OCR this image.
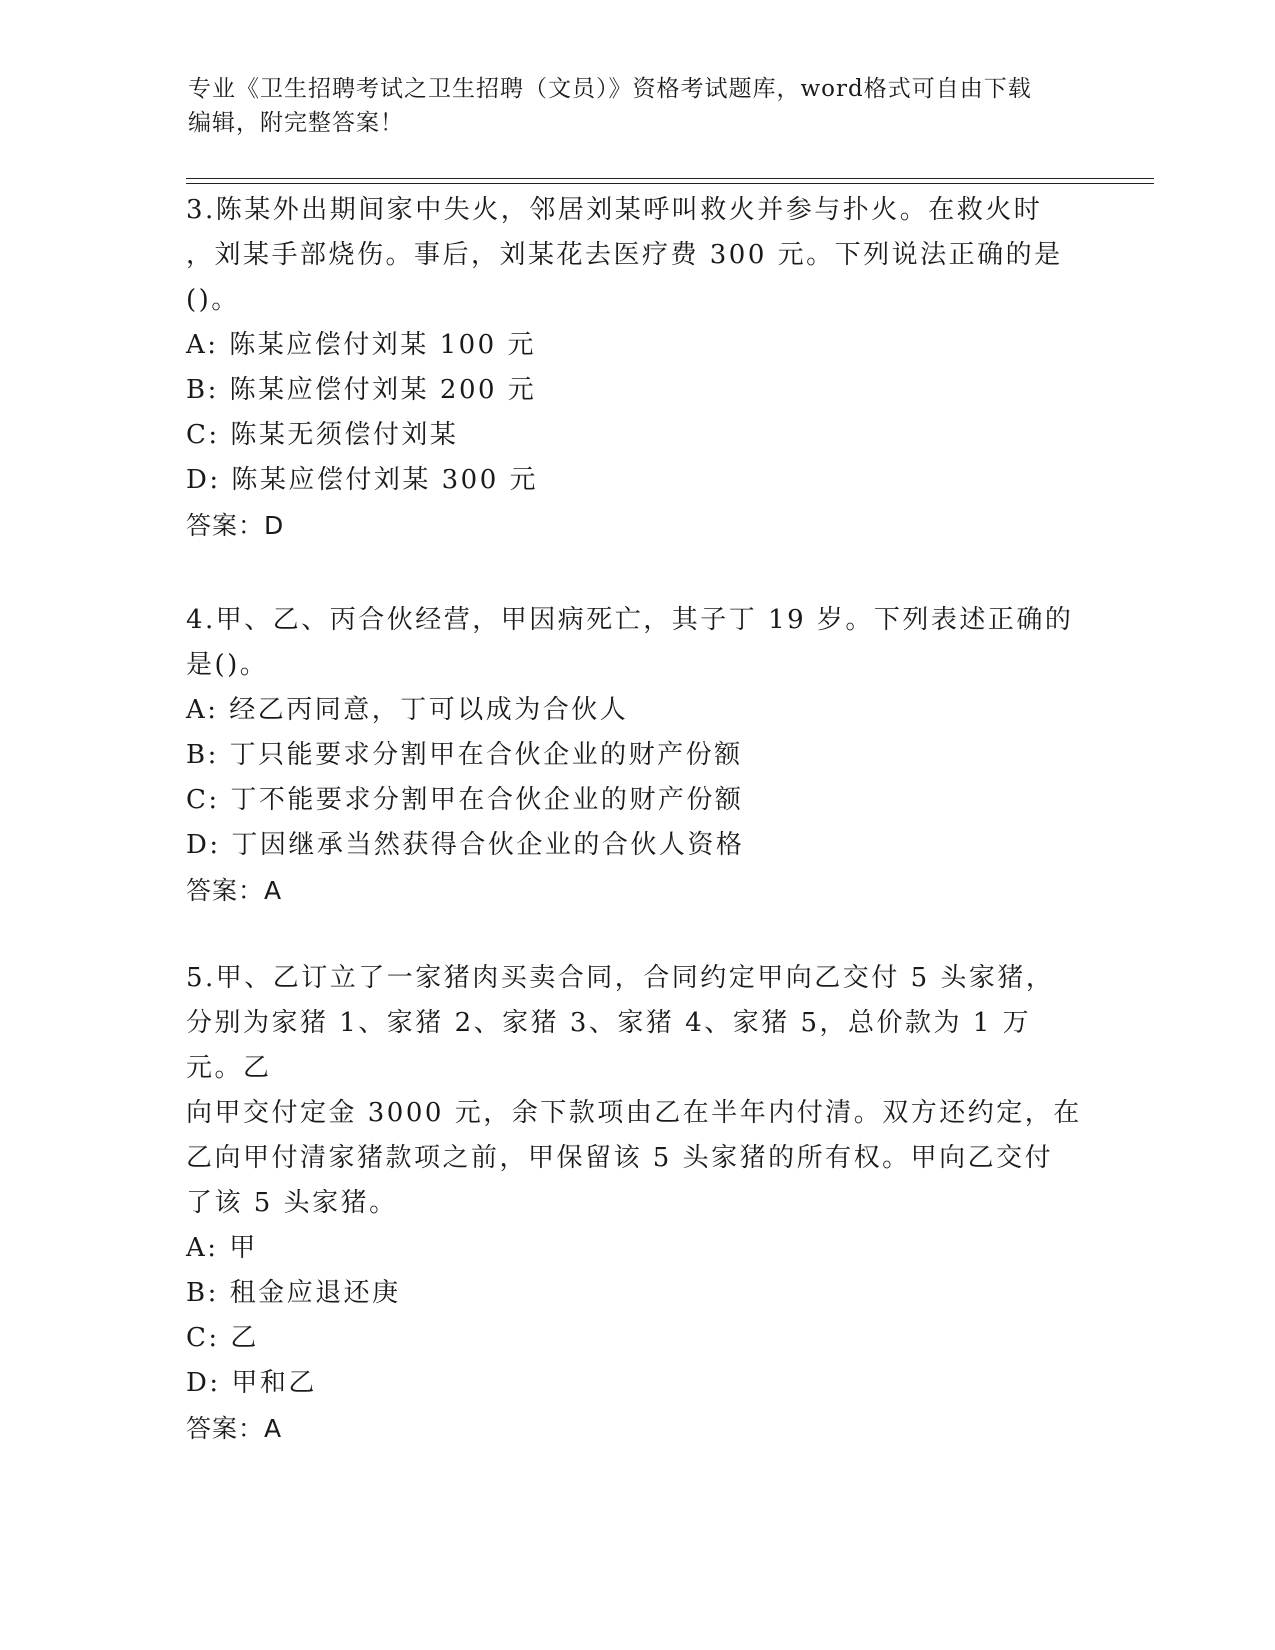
专业《卫生招聘考试之卫生招聘（文员）》资格考试题库，word格式可自由下载
编辑，附完整答案！
3.陈某外出期间家中失火，邻居刘某呼叫救火并参与扑火。在救火时
，刘某手部烧伤。事后，刘某花去医疗费 300 元。下列说法正确的是
()。
A: 陈某应偿付刘某 100 元
B: 陈某应偿付刘某 200 元
C: 陈某无须偿付刘某
D: 陈某应偿付刘某 300 元
答案：D
4.甲、乙、丙合伙经营，甲因病死亡，其子丁 19 岁。下列表述正确的
是()。
A: 经乙丙同意，丁可以成为合伙人
B: 丁只能要求分割甲在合伙企业的财产份额
C: 丁不能要求分割甲在合伙企业的财产份额
D: 丁因继承当然获得合伙企业的合伙人资格
答案：A
5.甲、乙订立了一家猪肉买卖合同，合同约定甲向乙交付 5 头家猪，
分别为家猪 1、家猪 2、家猪 3、家猪 4、家猪 5，总价款为 1 万元。乙
向甲交付定金 3000 元，余下款项由乙在半年内付清。双方还约定，在
乙向甲付清家猪款项之前，甲保留该 5 头家猪的所有权。甲向乙交付
了该 5 头家猪。
A: 甲
B: 租金应退还庚
C: 乙
D: 甲和乙
答案：A
